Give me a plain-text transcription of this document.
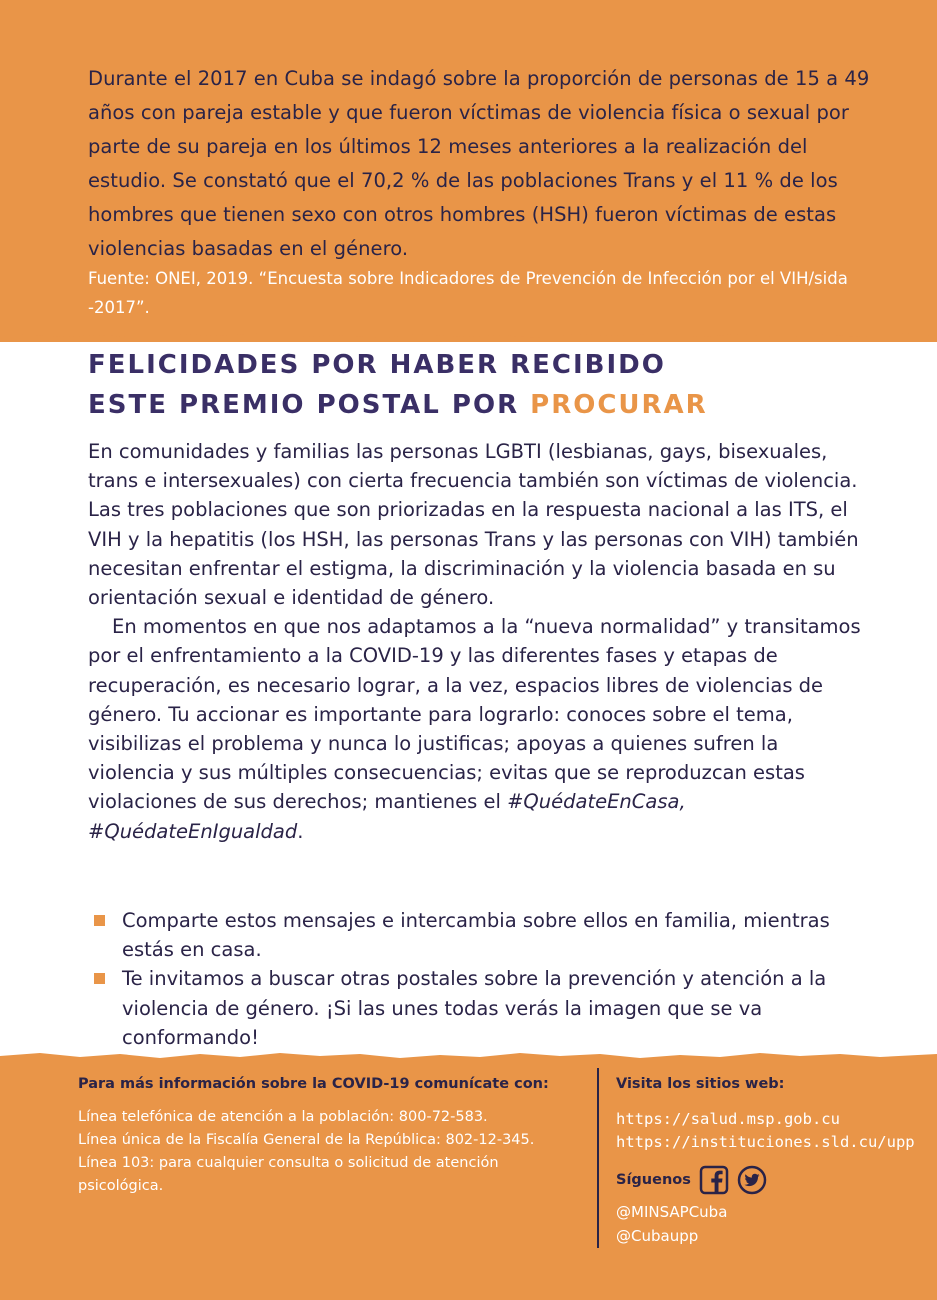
Durante el 2017 en Cuba se indagó sobre la proporción de personas de 15 a 49 años con pareja estable y que fueron víctimas de violencia física o sexual por parte de su pareja en los últimos 12 meses anteriores a la realización del estudio. Se constató que el 70,2 % de las poblaciones Trans y el 11 % de los hombres que tienen sexo con otros hombres (HSH) fueron víctimas de estas violencias basadas en el género.
Fuente: ONEI, 2019. “Encuesta sobre Indicadores de Prevención de Infección por el VIH/sida -2017”.
FELICIDADES POR HABER RECIBIDO
ESTE PREMIO POSTAL POR PROCURAR

En comunidades y familias las personas LGBTI (lesbianas, gays, bisexuales, trans e intersexuales) con cierta frecuencia también son víctimas de violencia. Las tres poblaciones que son priorizadas en la respuesta nacional a las ITS, el VIH y la hepatitis (los HSH, las personas Trans y las personas con VIH) también necesitan enfrentar el estigma, la discriminación y la violencia basada en su orientación sexual e identidad de género.

En momentos en que nos adaptamos a la “nueva normalidad” y transitamos por el enfrentamiento a la COVID-19 y las diferentes fases y etapas de recuperación, es necesario lograr, a la vez, espacios libres de violencias de género. Tu accionar es importante para lograrlo: conoces sobre el tema, visibilizas el problema y nunca lo justificas; apoyas a quienes sufren la violencia y sus múltiples consecuencias; evitas que se reproduzcan estas violaciones de sus derechos; mantienes el #QuédateEnCasa, #QuédateEnIgualdad.

Comparte estos mensajes e intercambia sobre ellos en familia, mientras estás en casa.
Te invitamos a buscar otras postales sobre la prevención y atención a la violencia de género. ¡Si las unes todas verás la imagen que se va conformando!
Para más información sobre la COVID-19 comunícate con:
Línea telefónica de atención a la población: 800-72-583.
Línea única de la Fiscalía General de la República: 802-12-345.
Línea 103: para cualquier consulta o solicitud de atención psicológica.
Visita los sitios web:
https://salud.msp.gob.cu
https://instituciones.sld.cu/upp
Síguenos
@MINSAPCuba
@Cubaupp
